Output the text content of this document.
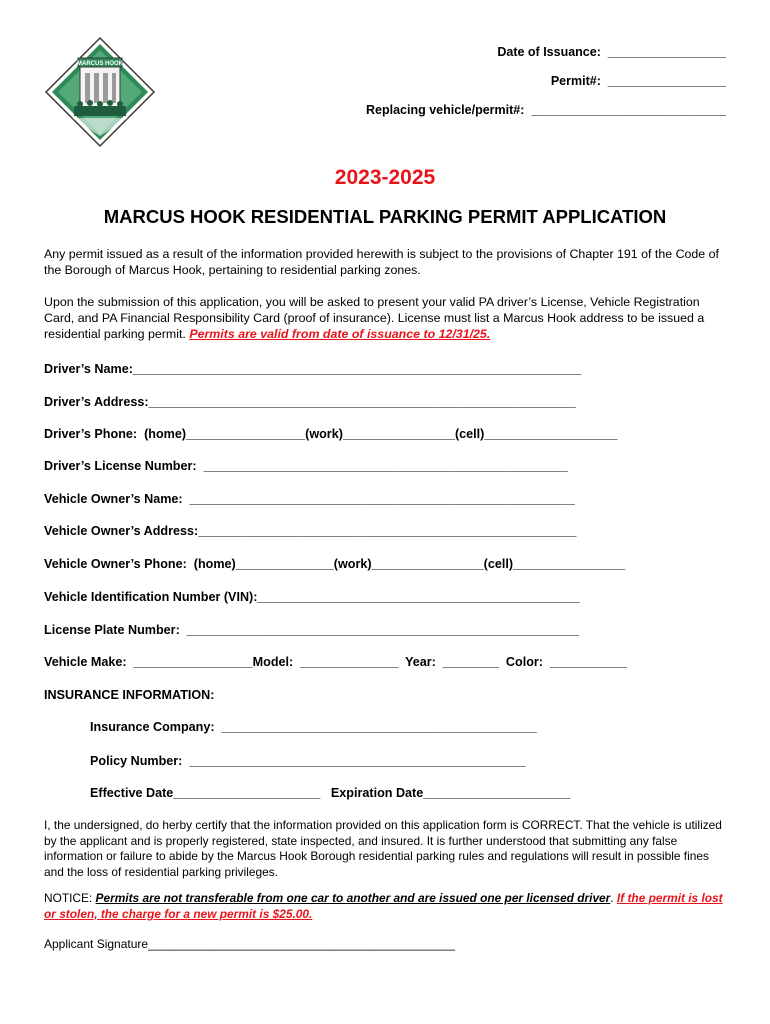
MARCUS HOOK
Date of Issuance:  _________________
Permit#:  _________________
Replacing vehicle/permit#:  ____________________________
2023-2025
MARCUS HOOK RESIDENTIAL PARKING PERMIT APPLICATION
Any permit issued as a result of the information provided herewith is subject to the provisions of Chapter 191 of the Code of the Borough of Marcus Hook, pertaining to residential parking zones.
Upon the submission of this application, you will be asked to present your valid PA driver’s License, Vehicle Registration Card, and PA Financial Responsibility Card (proof of insurance). License must list a Marcus Hook address to be issued a residential parking permit. Permits are valid from date of issuance to 12/31/25.
Driver’s Name:________________________________________________________________
Driver’s Address:_____________________________________________________________
Driver’s Phone:  (home)_________________(work)________________(cell)___________________
Driver’s License Number:  ____________________________________________________
Vehicle Owner’s Name:  _______________________________________________________
Vehicle Owner’s Address:______________________________________________________
Vehicle Owner’s Phone:  (home)______________(work)________________(cell)________________
Vehicle Identification Number (VIN):______________________________________________
License Plate Number:  ________________________________________________________
Vehicle Make:  _________________Model:  ______________  Year:  ________  Color:  ___________
INSURANCE INFORMATION:
Insurance Company:  _____________________________________________
Policy Number:  ________________________________________________
Effective Date_____________________   Expiration Date_____________________
I, the undersigned, do herby certify that the information provided on this application form is CORRECT. That the vehicle is utilized by the applicant and is properly registered, state inspected, and insured. It is further understood that submitting any false information or failure to abide by the Marcus Hook Borough residential parking rules and regulations will result in possible fines and the loss of residential parking privileges.
NOTICE: Permits are not transferable from one car to another and are issued one per licensed driver. If the permit is lost or stolen, the charge for a new permit is $25.00.
Applicant Signature______________________________________________
